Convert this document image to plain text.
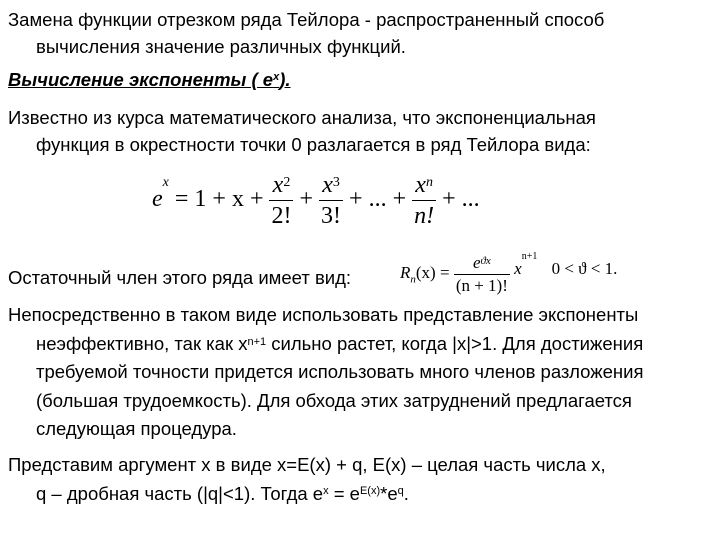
Замена функции отрезком ряда Тейлора - распространенный способ
вычисления значение различных функций.
Вычисление экспоненты ( $e^x$).
Известно из курса математического анализа, что экспоненциальная
функция в окрестности точки 0 разлагается в ряд Тейлора вида:
$e^x = 1 + x + \frac{x^2}{2!} + \frac{x^3}{3!}$ + ... + $\frac{x^n}{n!}$ + ...
Остаточный член этого ряда имеет вид:	$R_n(x) = \frac{e^{ϑx}}{(n + 1)!} x^{n+1}$ 0 < ϑ < 1.
Непосредственно в таком виде использовать представление экспоненты
неэффективно, так как $x^{n+1}$ сильно растет, когда |x|>1. Для достижения
требуемой точности придется использовать много членов разложения
(большая трудоемкость). Для обхода этих затруднений предлагается
следующая процедура.
Представим аргумент x в виде x=E(x) + q, E(x) – целая часть числа x,
q – дробная часть (|q|<1). Тогда $e^x = e^{E(x)}*e^q$.
